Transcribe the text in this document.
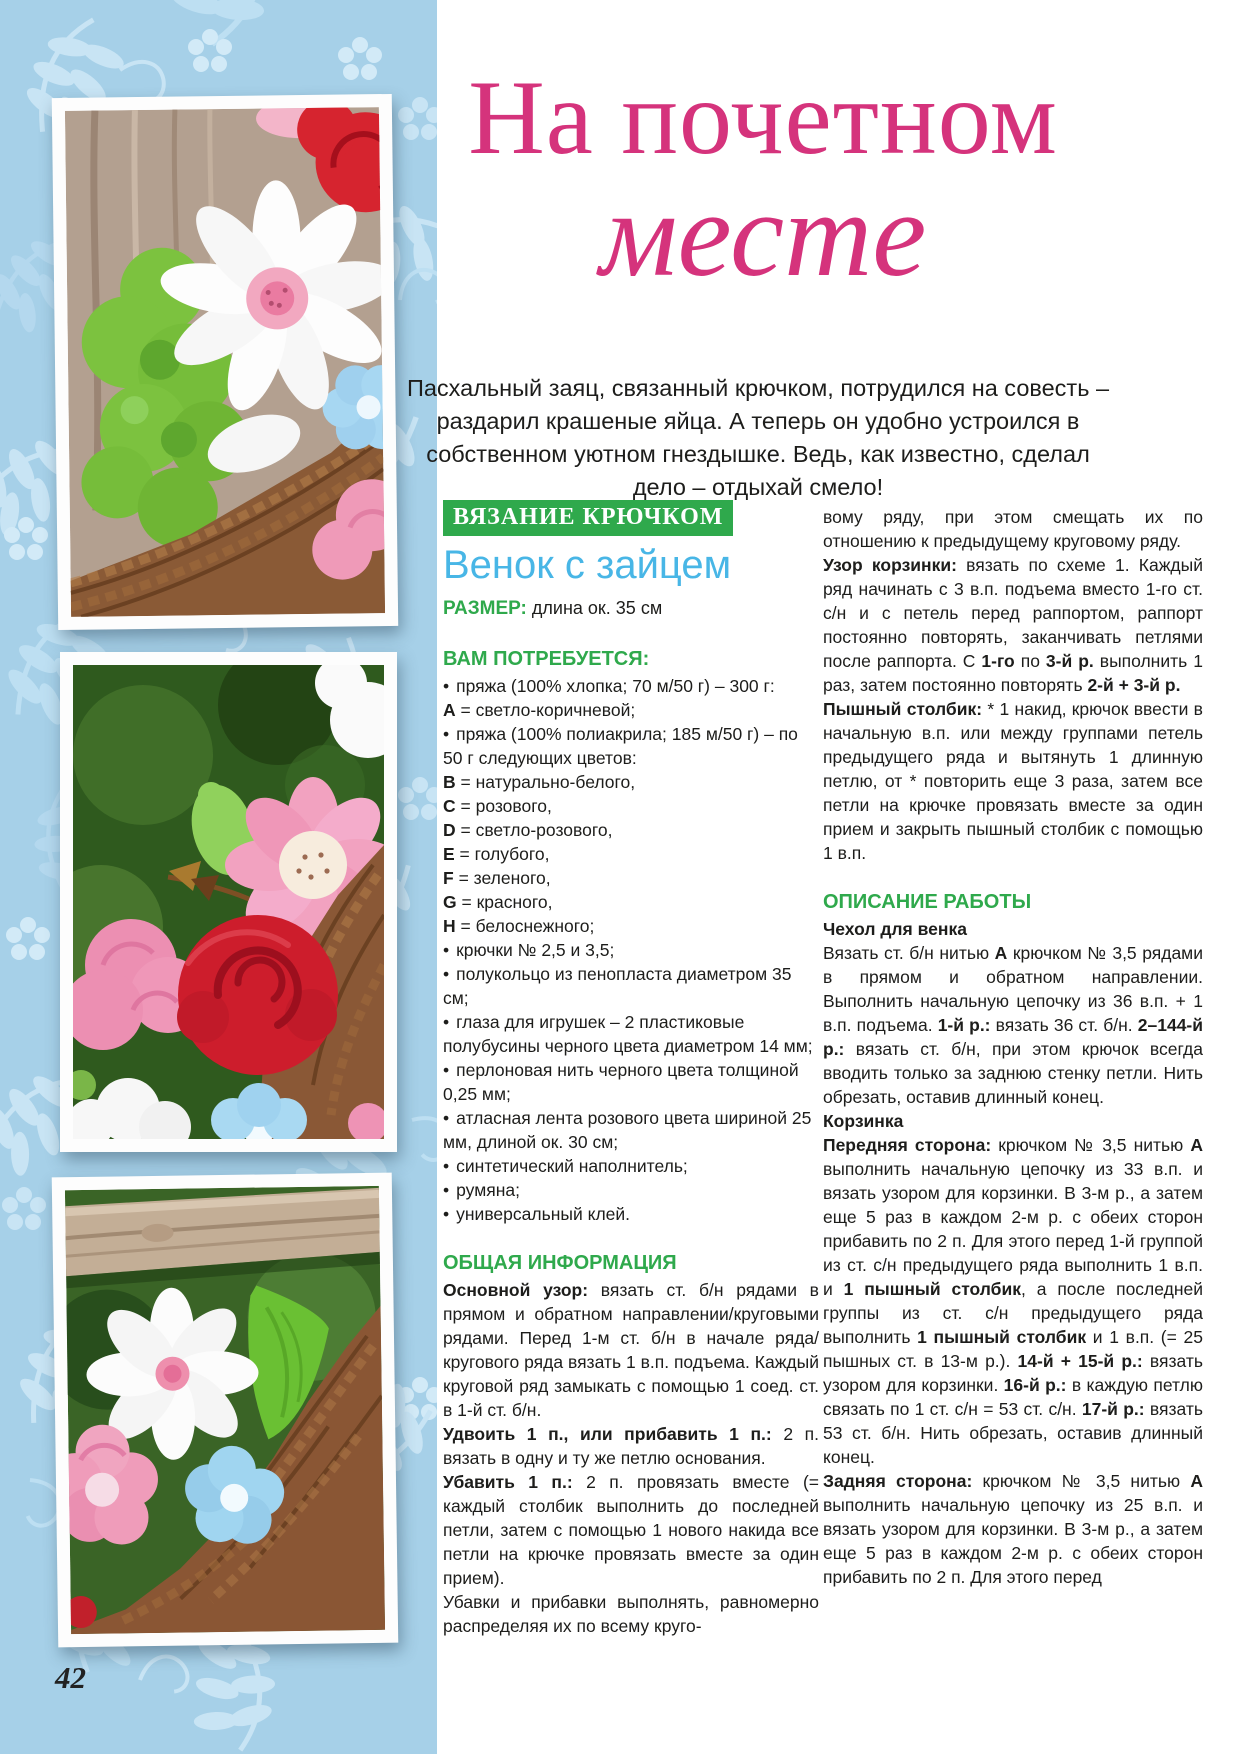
На почетном
месте
Пасхальный заяц, связанный крючком, потрудился на совесть – раздарил крашеные яйца. А теперь он удобно устроился в собственном уютном гнездышке. Ведь, как известно, сделал дело – отдыхай смело!
ВЯЗАНИЕ КРЮЧКОМ
Венок с зайцем
РАЗМЕР: длина ок. 35 см
ВАМ ПОТРЕБУЕТСЯ:
• пряжа (100% хлопка; 70 м/50 г) – 300 г:
A = светло-коричневой;
• пряжа (100% полиакрила; 185 м/50 г) – по 50 г следующих цветов:
B = натурально-белого,
C = розового,
D = светло-розового,
E = голубого,
F = зеленого,
G = красного,
H = белоснежного;
• крючки № 2,5 и 3,5;
• полукольцо из пенопласта диаметром 35 см;
• глаза для игрушек – 2 пластиковые полубусины черного цвета диаметром 14 мм;
• перлоновая нить черного цвета толщиной 0,25 мм;
• атласная лента розового цвета шириной 25 мм, длиной ок. 30 см;
• синтетический наполнитель;
• румяна;
• универсальный клей.
ОБЩАЯ ИНФОРМАЦИЯ

Основной узор: вязать ст. б/н рядами в прямом и обратном направлении/круговыми рядами. Перед 1-м ст. б/н в начале ряда/кругового ряда вязать 1 в.п. подъема. Каждый круговой ряд замыкать с помощью 1 соед. ст. в 1-й ст. б/н.

Удвоить 1 п., или прибавить 1 п.: 2 п. вязать в одну и ту же петлю основания.

Убавить 1 п.: 2 п. провязать вместе (= каждый столбик выполнить до последней петли, затем с помощью 1 нового накида все петли на крючке провязать вместе за один прием).

Убавки и прибавки выполнять, равномерно распределяя их по всему круго-

вому ряду, при этом смещать их по отношению к предыдущему круговому ряду.

Узор корзинки: вязать по схеме 1. Каждый ряд начинать с 3 в.п. подъема вместо 1-го ст. с/н и с петель перед раппортом, раппорт постоянно повторять, заканчивать петлями после раппорта. С 1-го по 3-й р. выполнить 1 раз, затем постоянно повторять 2-й + 3-й р.

Пышный столбик: * 1 накид, крючок ввести в начальную в.п. или между группами петель предыдущего ряда и вытянуть 1 длинную петлю, от * повторить еще 3 раза, затем все петли на крючке провязать вместе за один прием и закрыть пышный столбик с помощью 1 в.п.

ОПИСАНИЕ РАБОТЫ
Чехол для венка

Вязать ст. б/н нитью A крючком № 3,5 рядами в прямом и обратном направлении. Выполнить начальную цепочку из 36 в.п. + 1 в.п. подъема. 1-й р.: вязать 36 ст. б/н. 2–144-й р.: вязать ст. б/н, при этом крючок всегда вводить только за заднюю стенку петли. Нить обрезать, оставив длинный конец.

Корзинка

Передняя сторона: крючком № 3,5 нитью A выполнить начальную цепочку из 33 в.п. и вязать узором для корзинки. В 3-м р., а затем еще 5 раз в каждом 2-м р. с обеих сторон прибавить по 2 п. Для этого перед 1-й группой из ст. с/н предыдущего ряда выполнить 1 в.п. и 1 пышный столбик, а после последней группы из ст. с/н предыдущего ряда выполнить 1 пышный столбик и 1 в.п. (= 25 пышных ст. в 13-м р.). 14-й + 15-й р.: вязать узором для корзинки. 16-й р.: в каждую петлю связать по 1 ст. с/н = 53 ст. с/н. 17-й р.: вязать 53 ст. б/н. Нить обрезать, оставив длинный конец.

Задняя сторона: крючком № 3,5 нитью A выполнить начальную цепочку из 25 в.п. и вязать узором для корзинки. В 3-м р., а затем еще 5 раз в каждом 2-м р. с обеих сторон прибавить по 2 п. Для этого перед

42
